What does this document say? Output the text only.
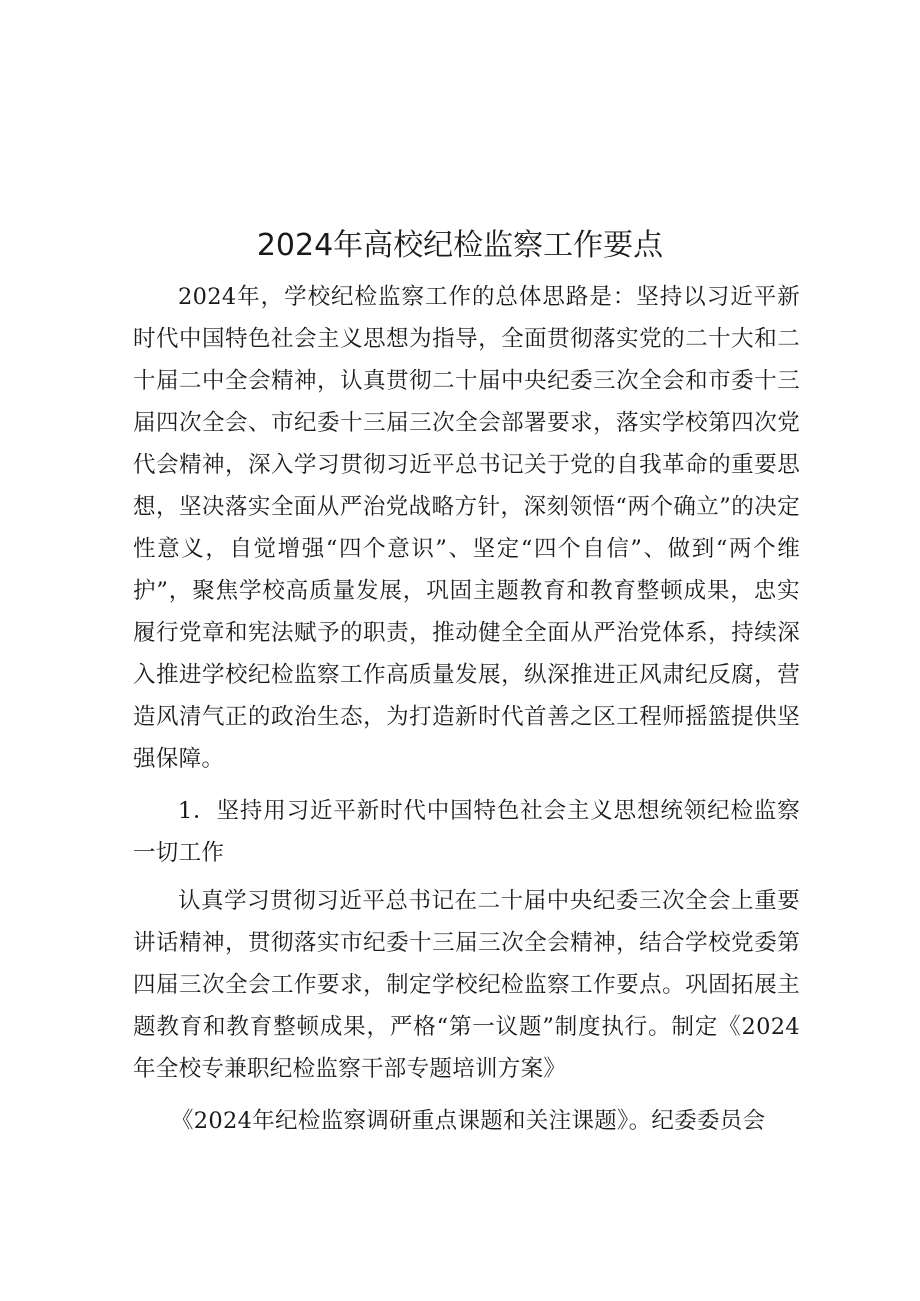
2024年高校纪检监察工作要点

2024年，学校纪检监察工作的总体思路是：坚持以习近平新时代中国特色社会主义思想为指导，全面贯彻落实党的二十大和二十届二中全会精神，认真贯彻二十届中央纪委三次全会和市委十三届四次全会、市纪委十三届三次全会部署要求，落实学校第四次党代会精神，深入学习贯彻习近平总书记关于党的自我革命的重要思想，坚决落实全面从严治党战略方针，深刻领悟“两个确立”的决定性意义，自觉增强“四个意识”、坚定“四个自信”、做到“两个维护”，聚焦学校高质量发展，巩固主题教育和教育整顿成果，忠实履行党章和宪法赋予的职责，推动健全全面从严治党体系，持续深入推进学校纪检监察工作高质量发展，纵深推进正风肃纪反腐，营造风清气正的政治生态，为打造新时代首善之区工程师摇篮提供坚强保障。

1．坚持用习近平新时代中国特色社会主义思想统领纪检监察一切工作

认真学习贯彻习近平总书记在二十届中央纪委三次全会上重要讲话精神，贯彻落实市纪委十三届三次全会精神，结合学校党委第四届三次全会工作要求，制定学校纪检监察工作要点。巩固拓展主题教育和教育整顿成果，严格“第一议题”制度执行。制定《2024年全校专兼职纪检监察干部专题培训方案》

《2024年纪检监察调研重点课题和关注课题》。纪委委员会
